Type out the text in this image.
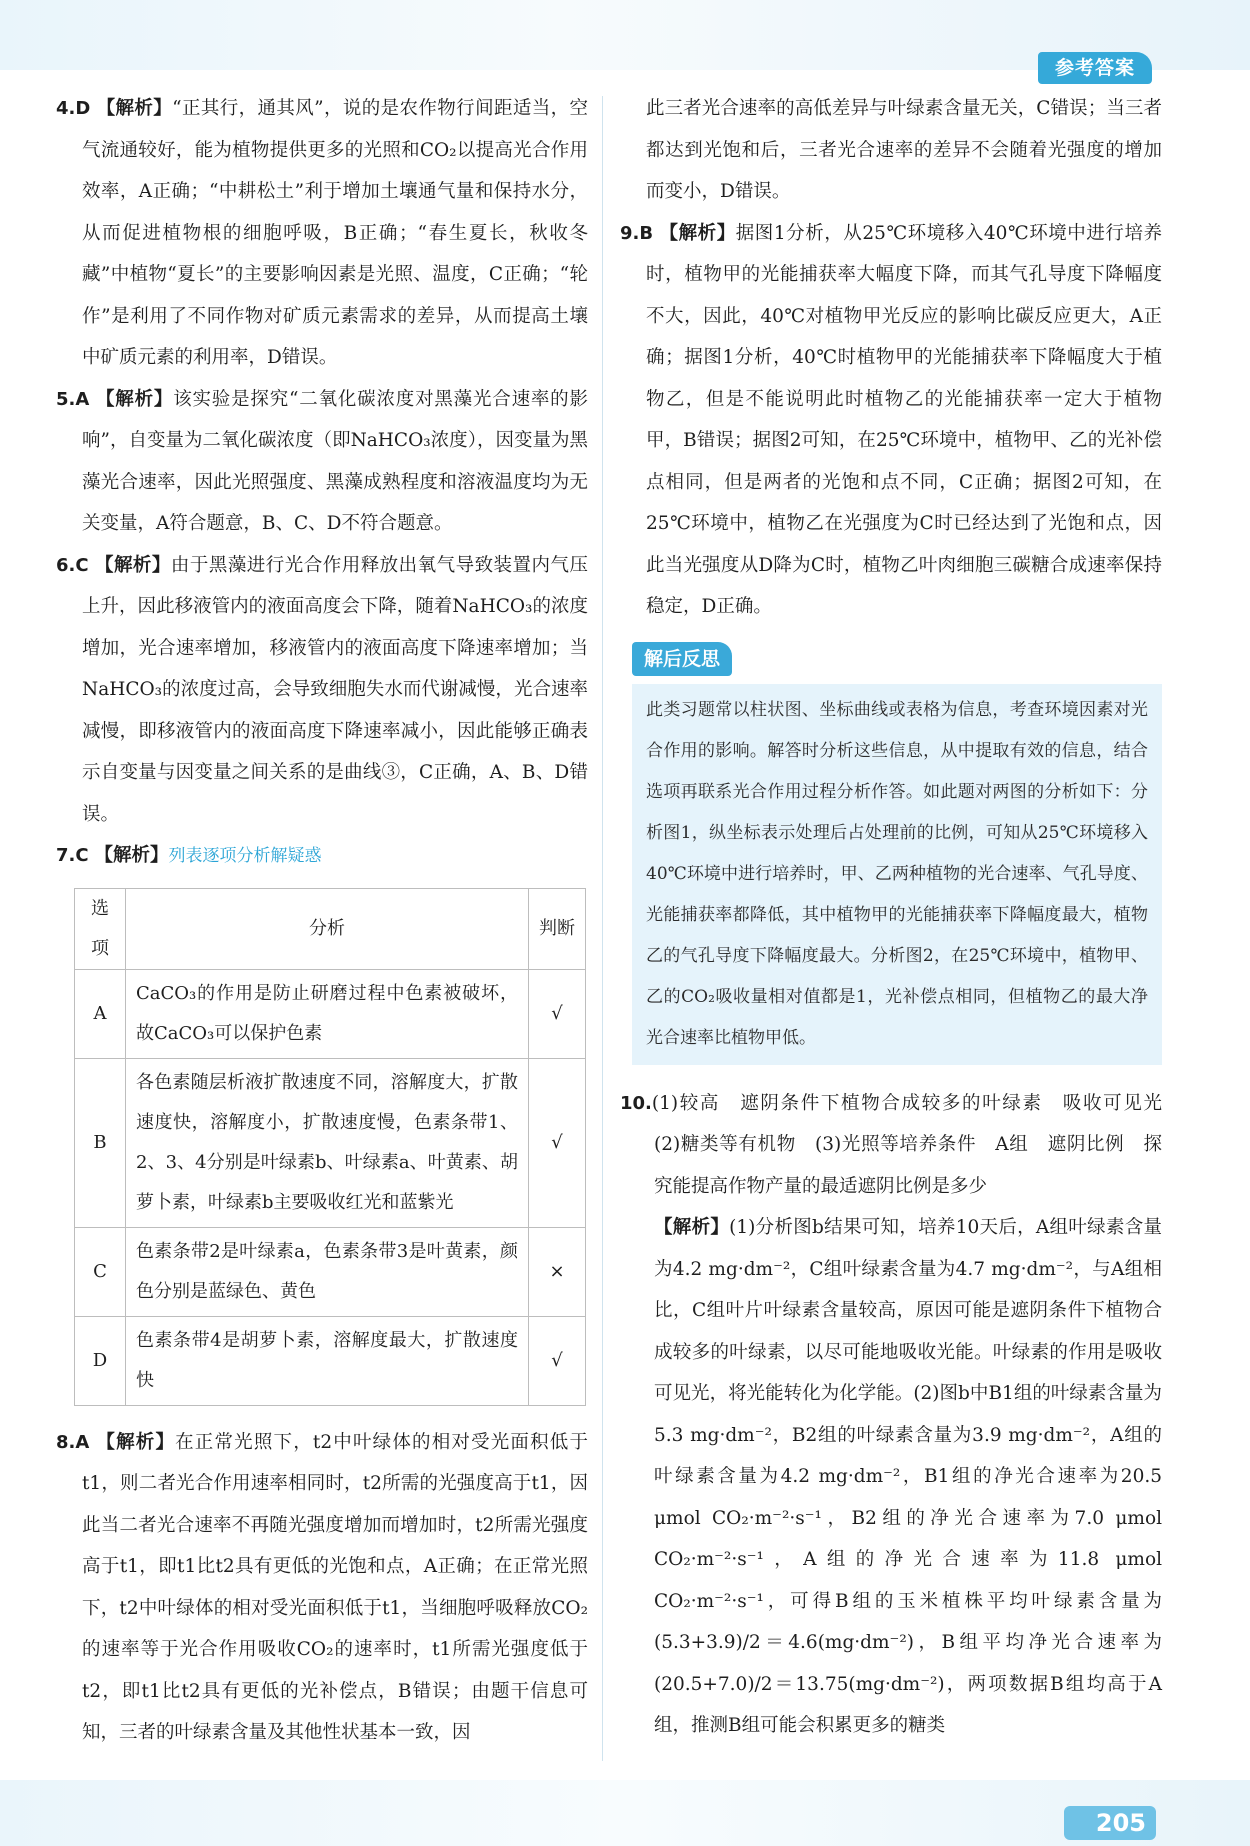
参考答案

4.D 【解析】“正其行，通其风”，说的是农作物行间距适当，空气流通较好，能为植物提供更多的光照和CO₂以提高光合作用效率，A正确；“中耕松土”利于增加土壤通气量和保持水分，从而促进植物根的细胞呼吸，B正确；“春生夏长，秋收冬藏”中植物“夏长”的主要影响因素是光照、温度，C正确；“轮作”是利用了不同作物对矿质元素需求的差异，从而提高土壤中矿质元素的利用率，D错误。

5.A 【解析】该实验是探究“二氧化碳浓度对黑藻光合速率的影响”，自变量为二氧化碳浓度（即NaHCO₃浓度），因变量为黑藻光合速率，因此光照强度、黑藻成熟程度和溶液温度均为无关变量，A符合题意，B、C、D不符合题意。

6.C 【解析】由于黑藻进行光合作用释放出氧气导致装置内气压上升，因此移液管内的液面高度会下降，随着NaHCO₃的浓度增加，光合速率增加，移液管内的液面高度下降速率增加；当NaHCO₃的浓度过高，会导致细胞失水而代谢减慢，光合速率减慢，即移液管内的液面高度下降速率减小，因此能够正确表示自变量与因变量之间关系的是曲线③，C正确，A、B、D错误。

7.C 【解析】列表逐项分析解疑惑

选项	分析	判断
A	CaCO₃的作用是防止研磨过程中色素被破坏，故CaCO₃可以保护色素	√
B	各色素随层析液扩散速度不同，溶解度大，扩散速度快，溶解度小，扩散速度慢，色素条带1、2、3、4分别是叶绿素b、叶绿素a、叶黄素、胡萝卜素，叶绿素b主要吸收红光和蓝紫光	√
C	色素条带2是叶绿素a，色素条带3是叶黄素，颜色分别是蓝绿色、黄色	×
D	色素条带4是胡萝卜素，溶解度最大，扩散速度快	√

8.A 【解析】在正常光照下，t2中叶绿体的相对受光面积低于t1，则二者光合作用速率相同时，t2所需的光强度高于t1，因此当二者光合速率不再随光强度增加而增加时，t2所需光强度高于t1，即t1比t2具有更低的光饱和点，A正确；在正常光照下，t2中叶绿体的相对受光面积低于t1，当细胞呼吸释放CO₂的速率等于光合作用吸收CO₂的速率时，t1所需光强度低于t2，即t1比t2具有更低的光补偿点，B错误；由题干信息可知，三者的叶绿素含量及其他性状基本一致，因

此三者光合速率的高低差异与叶绿素含量无关，C错误；当三者都达到光饱和后，三者光合速率的差异不会随着光强度的增加而变小，D错误。

9.B 【解析】据图1分析，从25℃环境移入40℃环境中进行培养时，植物甲的光能捕获率大幅度下降，而其气孔导度下降幅度不大，因此，40℃对植物甲光反应的影响比碳反应更大，A正确；据图1分析，40℃时植物甲的光能捕获率下降幅度大于植物乙，但是不能说明此时植物乙的光能捕获率一定大于植物甲，B错误；据图2可知，在25℃环境中，植物甲、乙的光补偿点相同，但是两者的光饱和点不同，C正确；据图2可知，在25℃环境中，植物乙在光强度为C时已经达到了光饱和点，因此当光强度从D降为C时，植物乙叶肉细胞三碳糖合成速率保持稳定，D正确。

解后反思
此类习题常以柱状图、坐标曲线或表格为信息，考查环境因素对光合作用的影响。解答时分析这些信息，从中提取有效的信息，结合选项再联系光合作用过程分析作答。如此题对两图的分析如下：分析图1，纵坐标表示处理后占处理前的比例，可知从25℃环境移入40℃环境中进行培养时，甲、乙两种植物的光合速率、气孔导度、光能捕获率都降低，其中植物甲的光能捕获率下降幅度最大，植物乙的气孔导度下降幅度最大。分析图2，在25℃环境中，植物甲、乙的CO₂吸收量相对值都是1，光补偿点相同，但植物乙的最大净光合速率比植物甲低。

10.(1)较高　遮阴条件下植物合成较多的叶绿素　吸收可见光　(2)糖类等有机物　(3)光照等培养条件　A组　遮阴比例　探究能提高作物产量的最适遮阴比例是多少

【解析】(1)分析图b结果可知，培养10天后，A组叶绿素含量为4.2 mg·dm⁻²，C组叶绿素含量为4.7 mg·dm⁻²，与A组相比，C组叶片叶绿素含量较高，原因可能是遮阴条件下植物合成较多的叶绿素，以尽可能地吸收光能。叶绿素的作用是吸收可见光，将光能转化为化学能。(2)图b中B1组的叶绿素含量为5.3 mg·dm⁻²，B2组的叶绿素含量为3.9 mg·dm⁻²，A组的叶绿素含量为4.2 mg·dm⁻²，B1组的净光合速率为20.5 μmol CO₂·m⁻²·s⁻¹，B2组的净光合速率为7.0 μmol CO₂·m⁻²·s⁻¹，A组的净光合速率为11.8 μmol CO₂·m⁻²·s⁻¹，可得B组的玉米植株平均叶绿素含量为(5.3+3.9)/2＝4.6(mg·dm⁻²)，B组平均净光合速率为(20.5+7.0)/2＝13.75(mg·dm⁻²)，两项数据B组均高于A组，推测B组可能会积累更多的糖类

205
